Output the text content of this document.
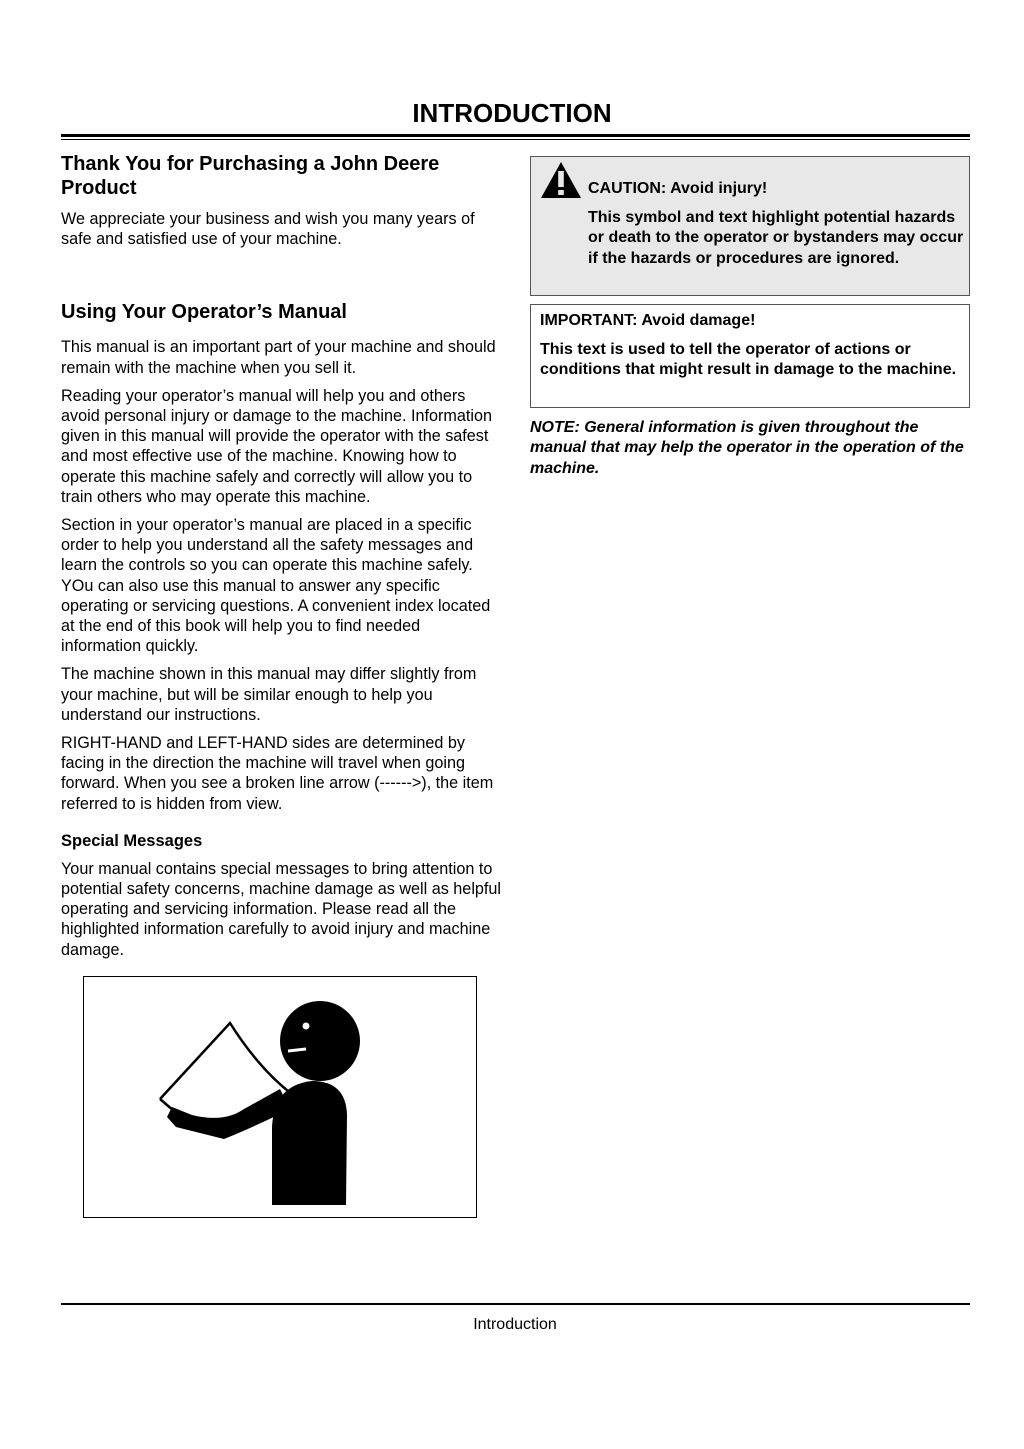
INTRODUCTION
Thank You for Purchasing a John Deere Product

We appreciate your business and wish you many years of safe and satisfied use of your machine.

Using Your Operator’s Manual

This manual is an important part of your machine and should remain with the machine when you sell it.

Reading your operator’s manual will help you and others avoid personal injury or damage to the machine. Information given in this manual will provide the operator with the safest and most effective use of the machine. Knowing how to operate this machine safely and correctly will allow you to train others who may operate this machine.

Section in your operator’s manual are placed in a specific order to help you understand all the safety messages and learn the controls so you can operate this machine safely. YOu can also use this manual to answer any specific operating or servicing questions. A convenient index located at the end of this book will help you to find needed information quickly.

The machine shown in this manual may differ slightly from your machine, but will be similar enough to help you understand our instructions.

RIGHT-HAND and LEFT-HAND sides are determined by facing in the direction the machine will travel when going forward. When you see a broken line arrow (------>), the item referred to is hidden from view.

Special Messages

Your manual contains special messages to bring attention to potential safety concerns, machine damage as well as helpful operating and servicing information. Please read all the highlighted information carefully to avoid injury and machine damage.

CAUTION: Avoid injury!
This symbol and text highlight potential hazards or death to the operator or bystanders may occur if the hazards or procedures are ignored.
IMPORTANT: Avoid damage!
This text is used to tell the operator of actions or conditions that might result in damage to the machine.
NOTE: General information is given throughout the manual that may help the operator in the operation of the machine.
Introduction
